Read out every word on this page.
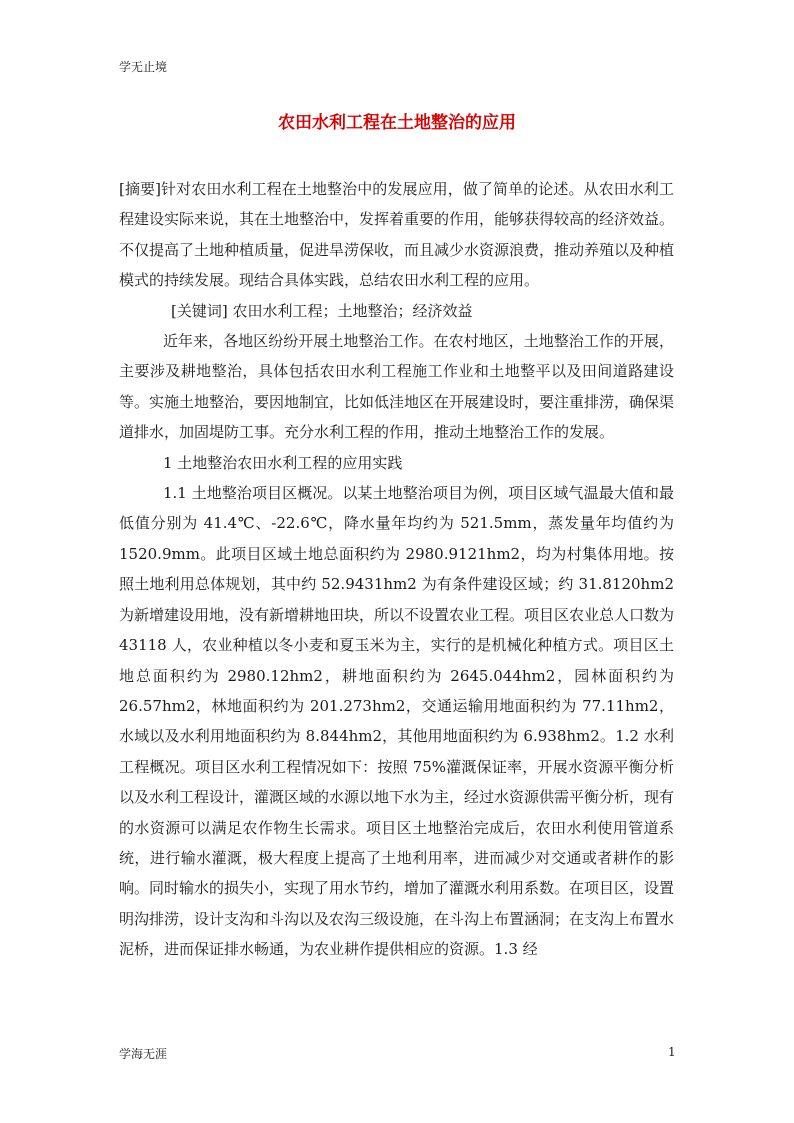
学无止境
农田水利工程在土地整治的应用

[摘要]针对农田水利工程在土地整治中的发展应用，做了简单的论述。从农田水利工程建设实际来说，其在土地整治中，发挥着重要的作用，能够获得较高的经济效益。不仅提高了土地种植质量，促进旱涝保收，而且减少水资源浪费，推动养殖以及种植模式的持续发展。现结合具体实践，总结农田水利工程的应用。

[关键词] 农田水利工程；土地整治；经济效益

近年来，各地区纷纷开展土地整治工作。在农村地区，土地整治工作的开展，主要涉及耕地整治，具体包括农田水利工程施工作业和土地整平以及田间道路建设等。实施土地整治，要因地制宜，比如低洼地区在开展建设时，要注重排涝，确保渠道排水，加固堤防工事。充分水利工程的作用，推动土地整治工作的发展。

1 土地整治农田水利工程的应用实践

1.1 土地整治项目区概况。以某土地整治项目为例，项目区域气温最大值和最低值分别为 41.4℃、-22.6℃，降水量年均约为 521.5mm，蒸发量年均值约为 1520.9mm。此项目区域土地总面积约为 2980.9121hm2，均为村集体用地。按照土地利用总体规划，其中约 52.9431hm2 为有条件建设区域；约 31.8120hm2 为新增建设用地，没有新增耕地田块，所以不设置农业工程。项目区农业总人口数为 43118 人，农业种植以冬小麦和夏玉米为主，实行的是机械化种植方式。项目区土地总面积约为 2980.12hm2，耕地面积约为 2645.044hm2，园林面积约为 26.57hm2，林地面积约为 201.273hm2，交通运输用地面积约为 77.11hm2，水域以及水利用地面积约为 8.844hm2，其他用地面积约为 6.938hm2。1.2 水利工程概况。项目区水利工程情况如下：按照 75%灌溉保证率，开展水资源平衡分析以及水利工程设计，灌溉区域的水源以地下水为主，经过水资源供需平衡分析，现有的水资源可以满足农作物生长需求。项目区土地整治完成后，农田水利使用管道系统，进行输水灌溉，极大程度上提高了土地利用率，进而减少对交通或者耕作的影响。同时输水的损失小，实现了用水节约，增加了灌溉水利用系数。在项目区，设置明沟排涝，设计支沟和斗沟以及农沟三级设施，在斗沟上布置涵洞；在支沟上布置水泥桥，进而保证排水畅通，为农业耕作提供相应的资源。1.3 经

学海无涯	1
